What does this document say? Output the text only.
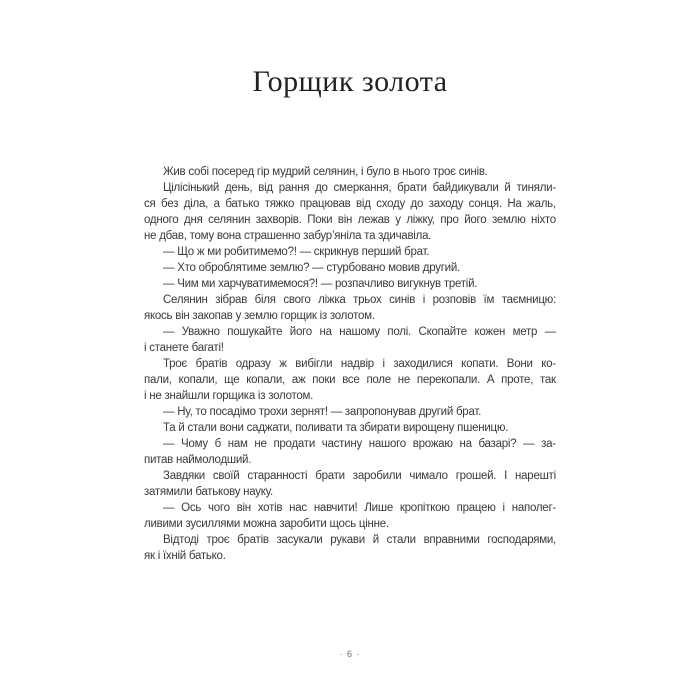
Горщик золота
Жив собі посеред гір мудрий селянин, і було в нього троє синів.
Цілісінький день, від рання до смеркання, брати байдикували й тиняли-
ся без діла, а батько тяжко працював від сходу до заходу сонця. На жаль,
одного дня селянин захворів. Поки він лежав у ліжку, про його землю ніхто
не дбав, тому вона страшенно забур’яніла та здичавіла.
— Що ж ми робитимемо?! — скрикнув перший брат.
— Хто оброблятиме землю? — стурбовано мовив другий.
— Чим ми харчуватимемося?! — розпачливо вигукнув третій.
Селянин зібрав біля свого ліжка трьох синів і розповів їм таємницю:
якось він закопав у землю горщик із золотом.
— Уважно пошукайте його на нашому полі. Скопайте кожен метр —
і станете багаті!
Троє братів одразу ж вибігли надвір і заходилися копати. Вони ко-
пали, копали, ще копали, аж поки все поле не перекопали. А проте, так
і не знайшли горщика із золотом.
— Ну, то посадімо трохи зернят! — запропонував другий брат.
Та й стали вони саджати, поливати та збирати вирощену пшеницю.
— Чому б нам не продати частину нашого врожаю на базарі? — за-
питав наймолодший.
Завдяки своїй старанності брати заробили чимало грошей. І нарешті
затямили батькову науку.
— Ось чого він хотів нас навчити! Лише кропіткою працею і наполег-
ливими зусиллями можна заробити щось цінне.
Відтоді троє братів засукали рукави й стали вправними господарями,
як і їхній батько.
· 6 ·
